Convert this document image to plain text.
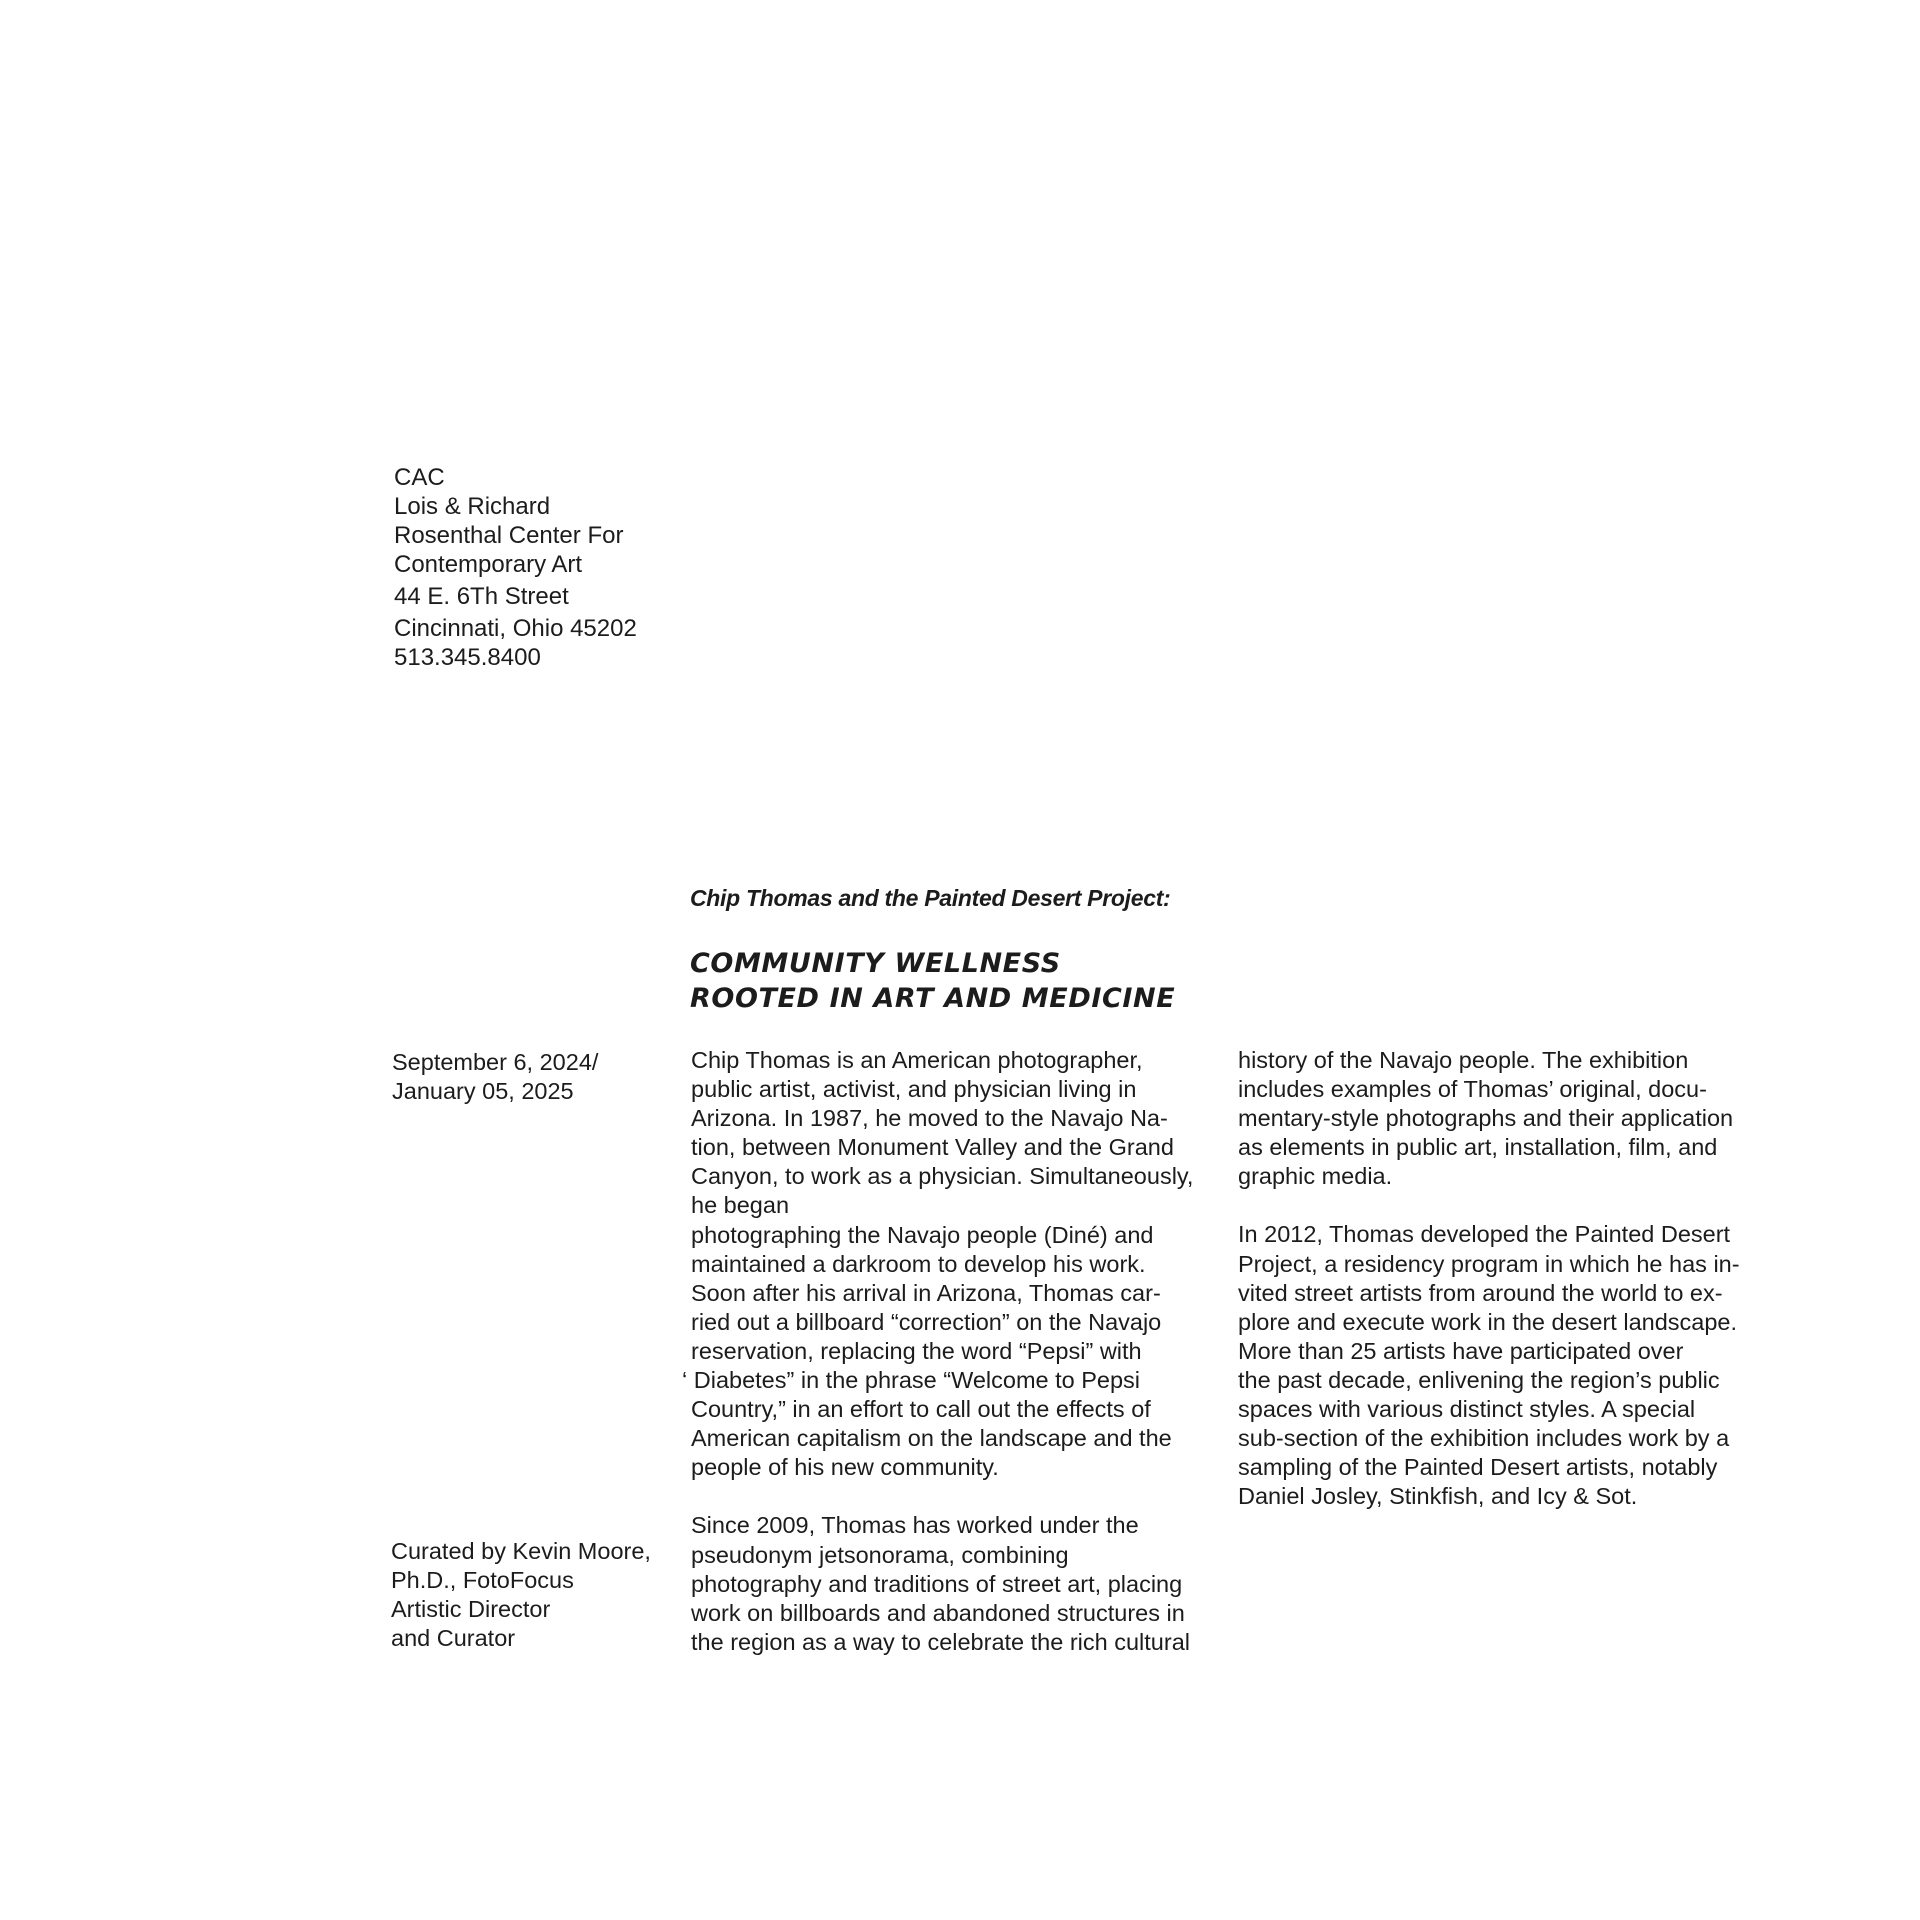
CAC
Lois & Richard
Rosenthal Center For
Contemporary Art
44 E. 6Th Street
Cincinnati, Ohio 45202
513.345.8400
Chip Thomas and the Painted Desert Project:
COMMUNITY WELLNESS
ROOTED IN ART AND MEDICINE
September 6, 2024/
January 05, 2025
Curated by Kevin Moore,
Ph.D., FotoFocus
Artistic Director
and Curator
Chip Thomas is an American photographer,
public artist, activist, and physician living in
Arizona. In 1987, he moved to the Navajo Na-
tion, between Monument Valley and the Grand
Canyon, to work as a physician. Simultaneously,
he began
photographing the Navajo people (Diné) and
maintained a darkroom to develop his work.
Soon after his arrival in Arizona, Thomas car-
ried out a billboard “correction” on the Navajo
reservation, replacing the word “Pepsi” with
‘ Diabetes” in the phrase “Welcome to Pepsi
Country,” in an effort to call out the effects of
American capitalism on the landscape and the
people of his new community.
Since 2009, Thomas has worked under the
pseudonym jetsonorama, combining
photography and traditions of street art, placing
work on billboards and abandoned structures in
the region as a way to celebrate the rich cultural
history of the Navajo people. The exhibition
includes examples of Thomas’ original, docu-
mentary-style photographs and their application
as elements in public art, installation, film, and
graphic media.
In 2012, Thomas developed the Painted Desert
Project, a residency program in which he has in-
vited street artists from around the world to ex-
plore and execute work in the desert landscape.
More than 25 artists have participated over
the past decade, enlivening the region’s public
spaces with various distinct styles. A special
sub-section of the exhibition includes work by a
sampling of the Painted Desert artists, notably
Daniel Josley, Stinkfish, and Icy & Sot.
